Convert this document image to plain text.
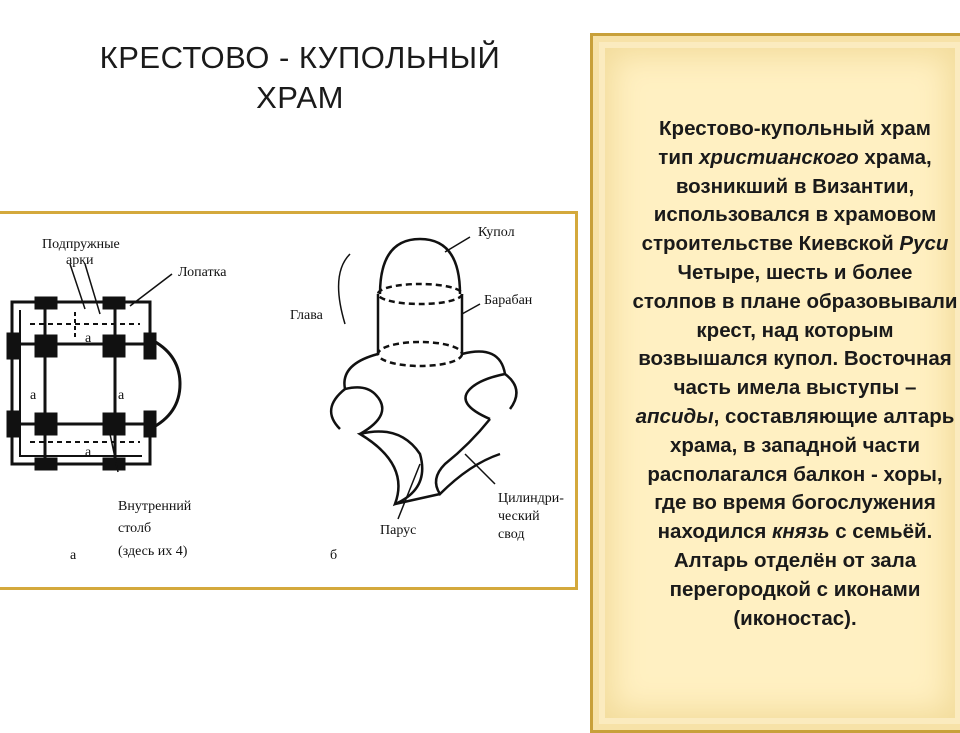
КРЕСТОВО - КУПОЛЬНЫЙ
ХРАМ
Подпружные
арки
Лопатка
а	а
а
а
Внутренний
столб
(здесь их 4)
а
Купол
Барабан
Глава
Парус
Цилиндри-
ческий
свод
б
Крестово-купольный храм
тип христианского храма,
возникший в Византии,
использовался в храмовом
строительстве Киевской Руси
Четыре, шесть и более
столпов в плане образовывали
крест, над которым
возвышался купол. Восточная
часть имела выступы –
апсиды, составляющие алтарь
храма, в западной части
располагался балкон - хоры,
где во время богослужения
находился князь с семьёй.
Алтарь отделён от зала
перегородкой с иконами
(иконостас).
